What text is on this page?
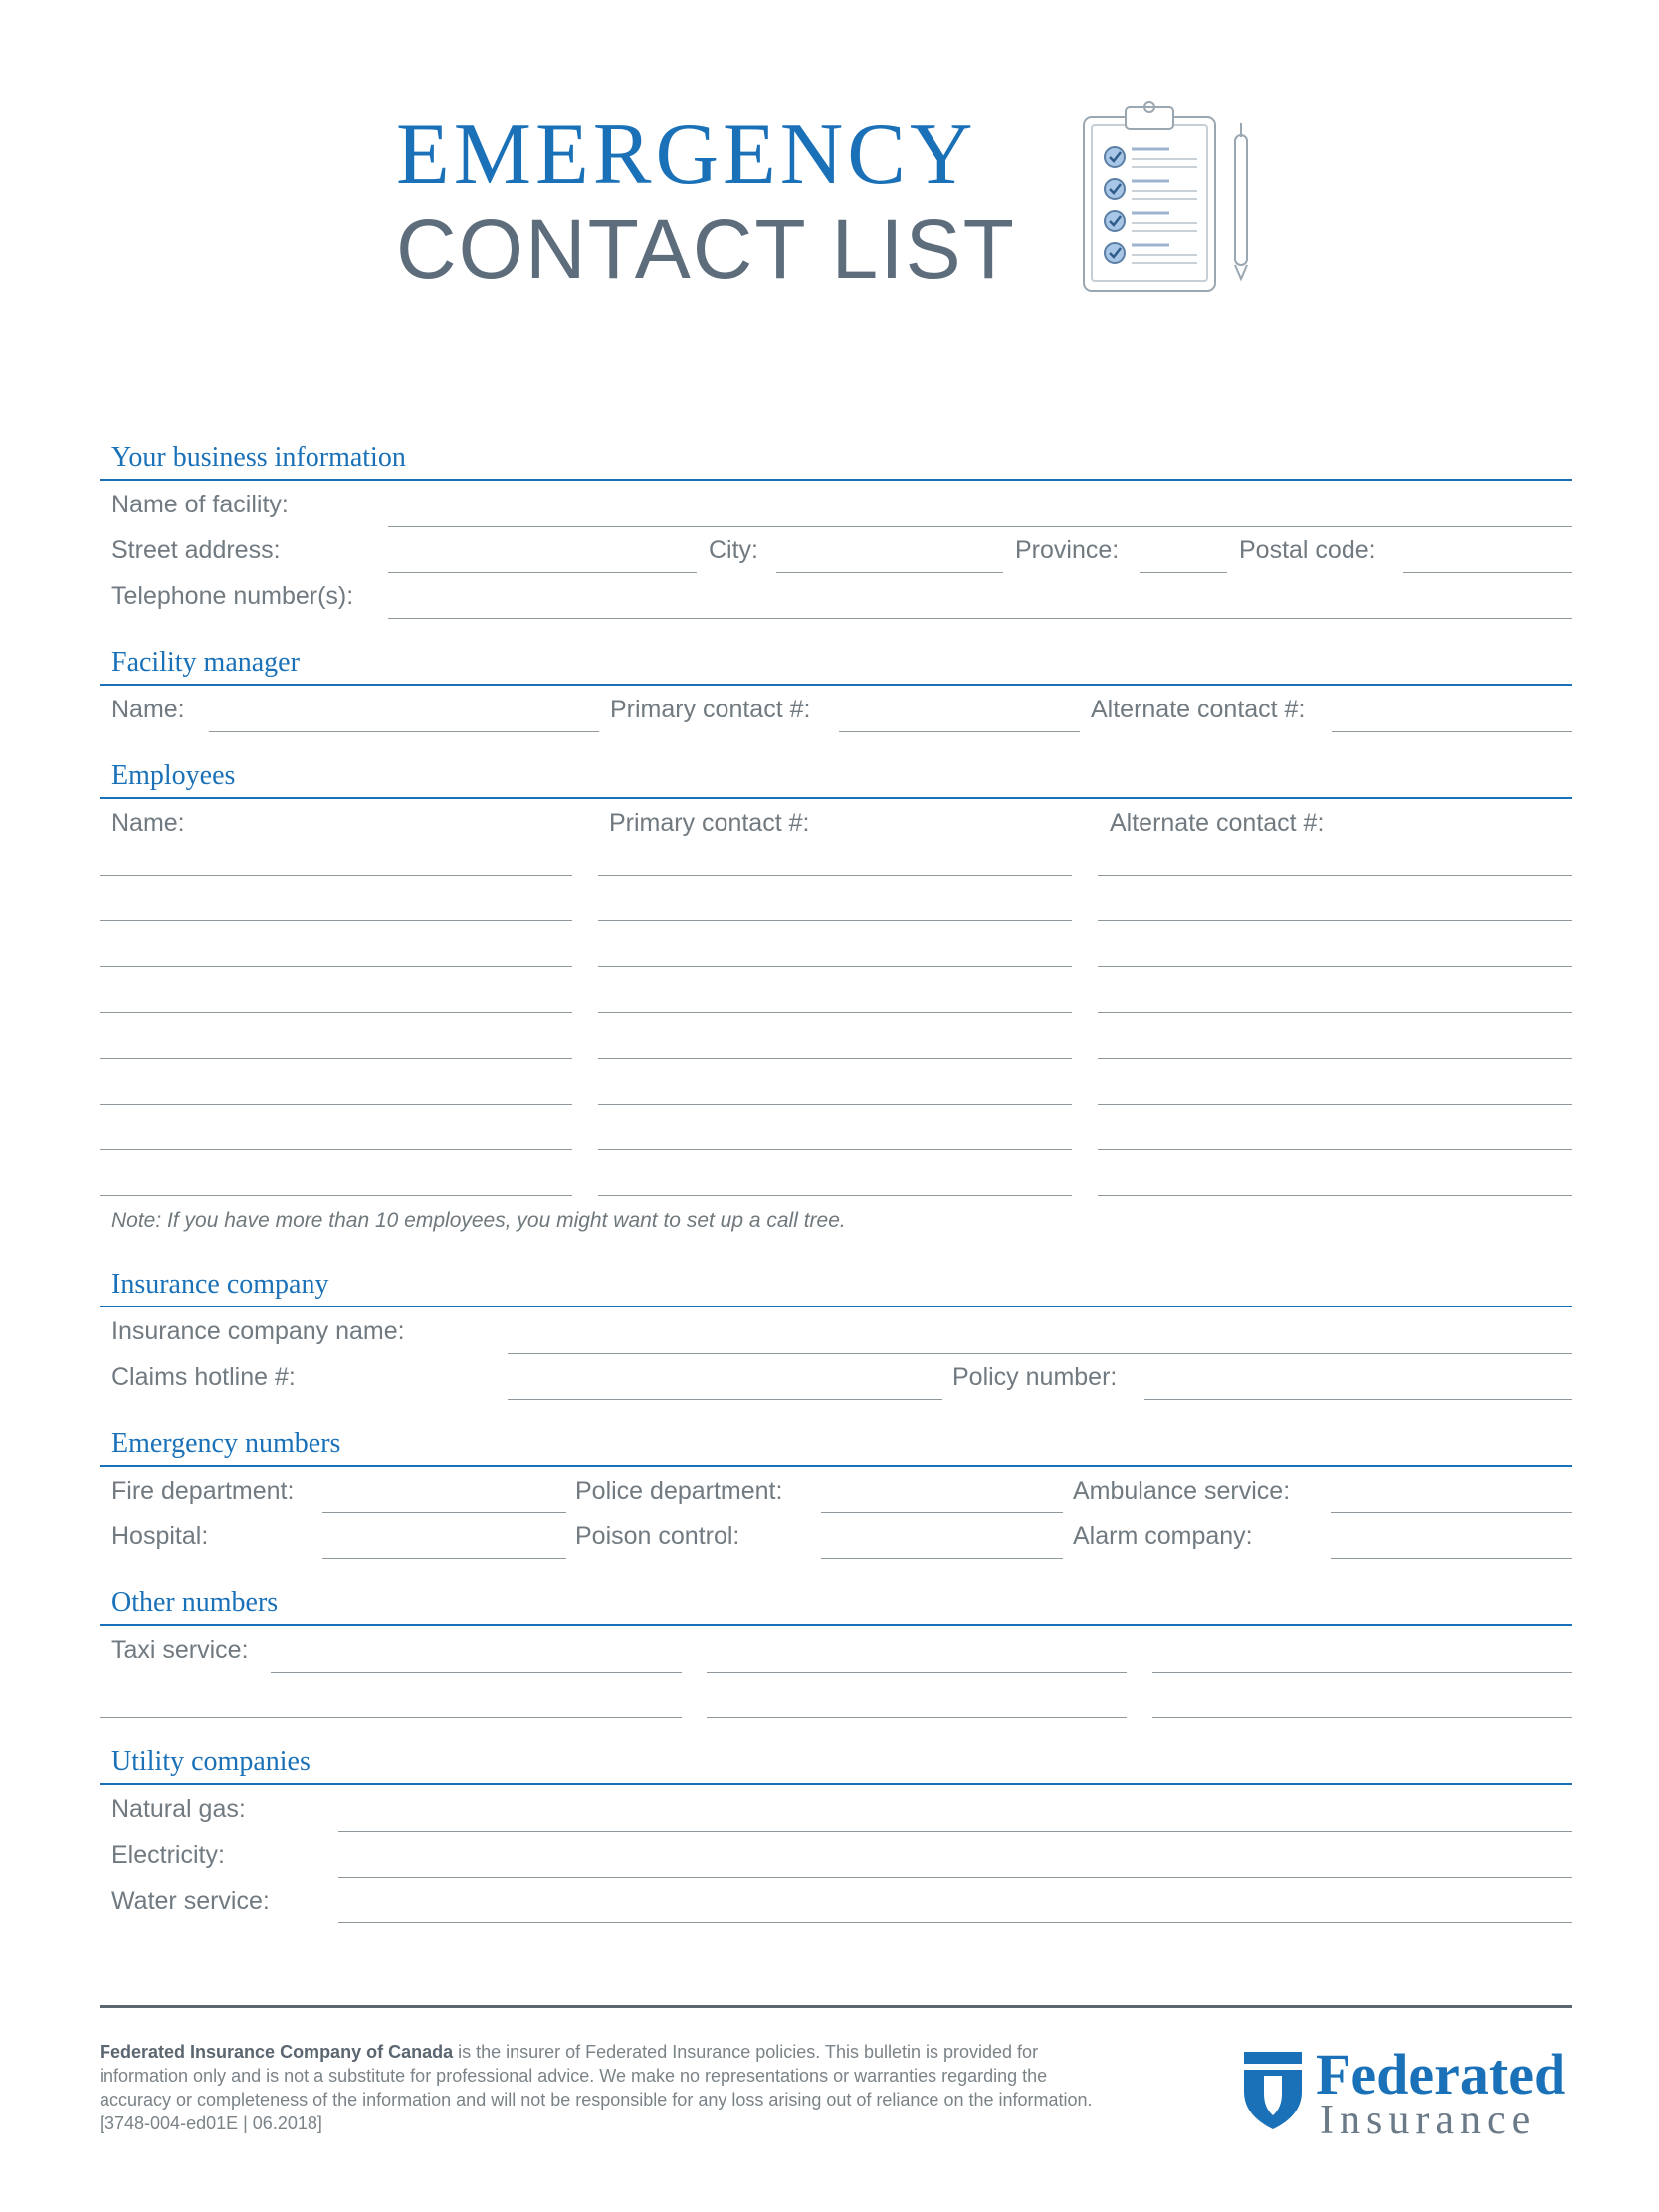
EMERGENCY
CONTACT LIST
Your business information
Name of facility:
Street address:	City:	Province:	Postal code:
Telephone number(s):
Facility manager
Name:	Primary contact #:	Alternate contact #:
Employees
Name:	Primary contact #:	Alternate contact #:
Note: If you have more than 10 employees, you might want to set up a call tree.
Insurance company
Insurance company name:
Claims hotline #:	Policy number:
Emergency numbers
Fire department:	Police department:	Ambulance service:
Hospital:	Poison control:	Alarm company:
Other numbers
Taxi service:
Utility companies
Natural gas:
Electricity:
Water service:
Federated Insurance Company of Canada is the insurer of Federated Insurance policies. This bulletin is provided for information only and is not a substitute for professional advice. We make no representations or warranties regarding the accuracy or completeness of the information and will not be responsible for any loss arising out of reliance on the information. [3748-004-ed01E | 06.2018]
Federated
Insurance
